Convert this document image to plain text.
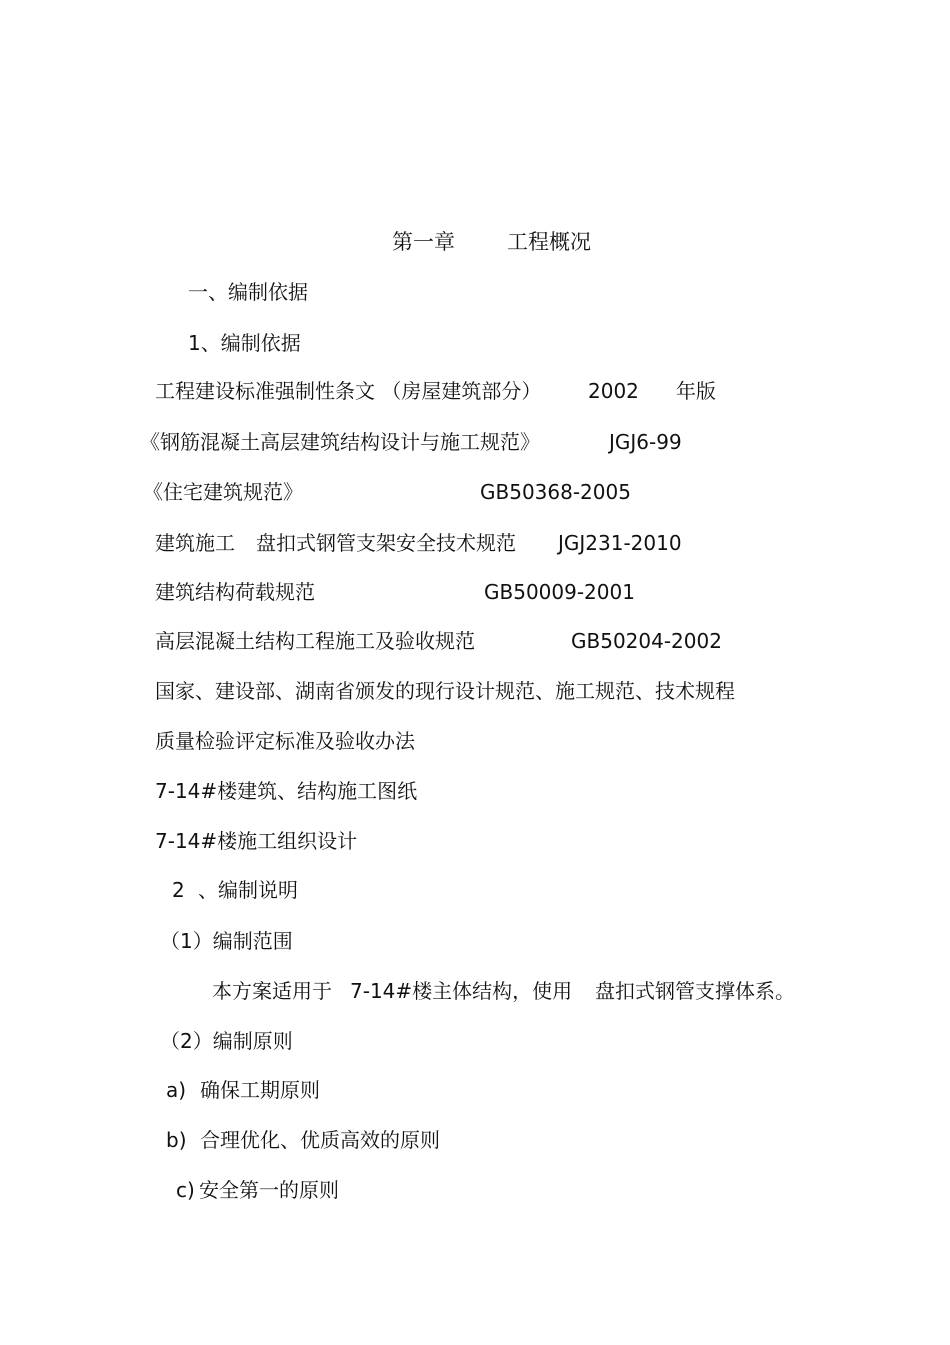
第一章 工程概况
一、编制依据
1、编制依据
工程建设标准强制性条文 （房屋建筑部分） 2002 年版
《钢筋混凝土高层建筑结构设计与施工规范》	JGJ6-99
《住宅建筑规范》	GB50368-2005
建筑施工 盘扣式钢管支架安全技术规范 JGJ231-2010
建筑结构荷载规范	GB50009-2001
高层混凝土结构工程施工及验收规范	GB50204-2002
国家、建设部、湖南省颁发的现行设计规范、施工规范、技术规程
质量检验评定标准及验收办法
7-14#楼建筑、结构施工图纸
7-14#楼施工组织设计
2 、编制说明
（1）编制范围
本方案适用于 7-14#楼主体结构，使用 盘扣式钢管支撑体系。
（2）编制原则
a) 确保工期原则
b) 合理优化、优质高效的原则
c) 安全第一的原则
